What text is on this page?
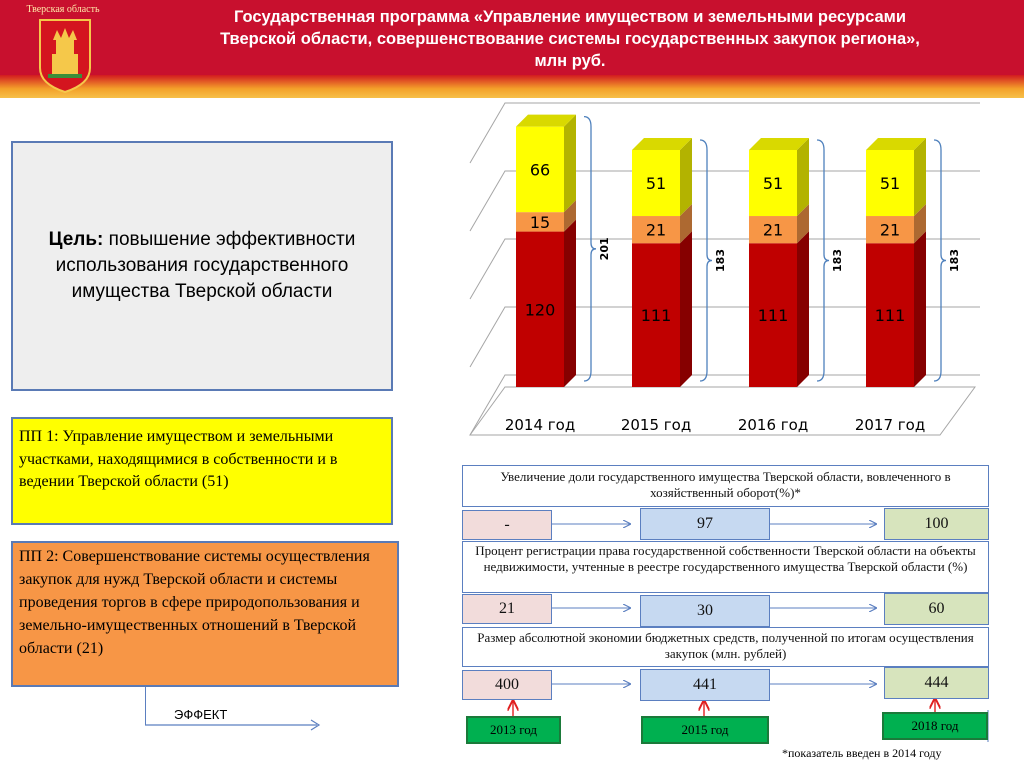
Тверская область	Государственная программа «Управление имуществом и земельными ресурсами
Тверской области, совершенствование системы государственных закупок региона»,
млн руб.
Цель: повышение эффективности использования государственного имущества Тверской области
120
15
66
201
2014 год
111
21
51
183
2015 год
111
21
51
183
2016 год
111
21
51
183
2017 год
ПП 1: Управление имуществом и земельными участками, находящимися в собственности и в ведении Тверской области (51)
ПП 2: Совершенствование системы осуществления закупок для нужд Тверской области и системы проведения торгов в сфере природопользования и земельно-имущественных отношений в Тверской области (21)
ЭФФЕКТ
Увеличение доли государственного имущества Тверской области, вовлеченного в хозяйственный оборот(%)*
-	97	100
Процент регистрации права государственной собственности Тверской области на объекты недвижимости, учтенные в реестре государственного имущества Тверской области (%)
21	30	60
Размер абсолютной экономии бюджетных средств, полученной по итогам осуществления закупок (млн. рублей)
400	441	444
2013 год	2015 год	2018 год
*показатель введен в 2014 году
